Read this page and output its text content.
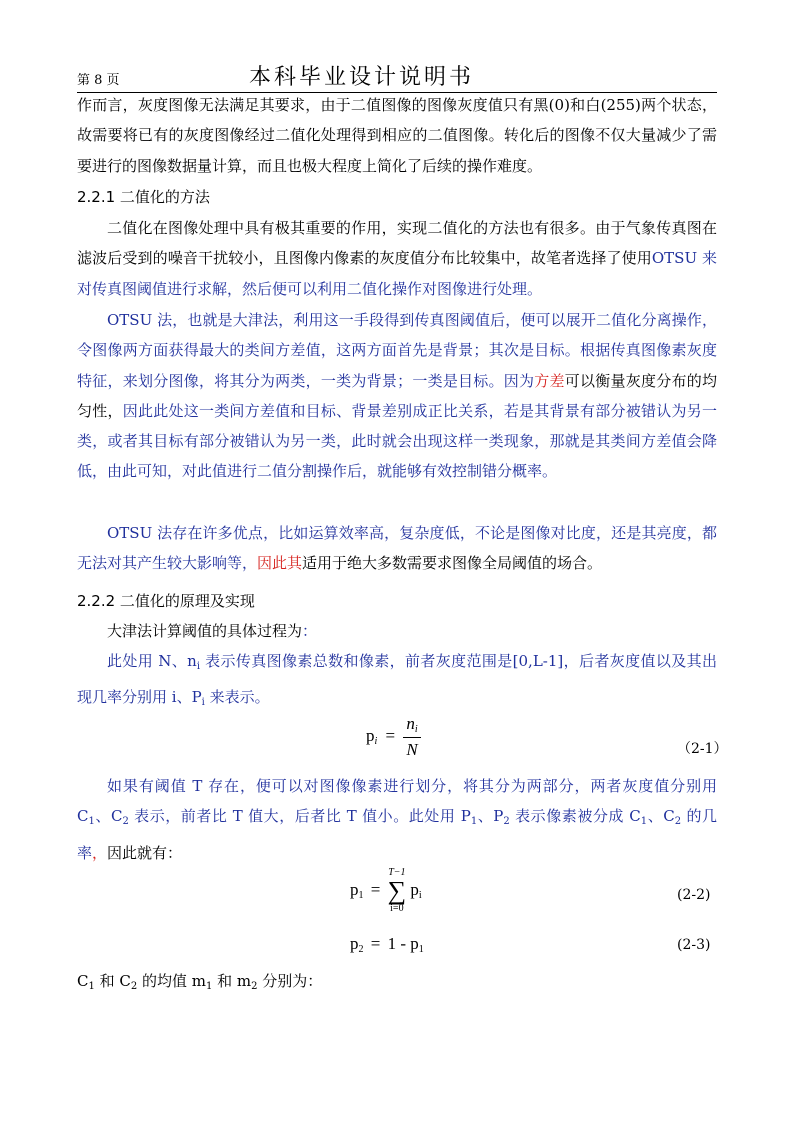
第 8 页	本科毕业设计说明书

作而言，灰度图像无法满足其要求，由于二值图像的图像灰度值只有黑(0)和白(255)两个状态，故需要将已有的灰度图像经过二值化处理得到相应的二值图像。转化后的图像不仅大量减少了需要进行的图像数据量计算，而且也极大程度上简化了后续的操作难度。

2.2.1 二值化的方法

二值化在图像处理中具有极其重要的作用，实现二值化的方法也有很多。由于气象传真图在滤波后受到的噪音干扰较小，且图像内像素的灰度值分布比较集中，故笔者选择了使用OTSU 来对传真图阈值进行求解，然后便可以利用二值化操作对图像进行处理。

OTSU 法，也就是大津法，利用这一手段得到传真图阈值后，便可以展开二值化分离操作，令图像两方面获得最大的类间方差值，这两方面首先是背景；其次是目标。根据传真图像素灰度特征，来划分图像，将其分为两类，一类为背景；一类是目标。因为方差可以衡量灰度分布的均匀性，因此此处这一类间方差值和目标、背景差别成正比关系，若是其背景有部分被错认为另一类，或者其目标有部分被错认为另一类，此时就会出现这样一类现象，那就是其类间方差值会降低，由此可知，对此值进行二值分割操作后，就能够有效控制错分概率。

OTSU 法存在许多优点，比如运算效率高，复杂度低，不论是图像对比度，还是其亮度，都无法对其产生较大影响等，因此其适用于绝大多数需要求图像全局阈值的场合。

2.2.2 二值化的原理及实现

大津法计算阈值的具体过程为：

此处用 N、$n_i$ 表示传真图像素总数和像素，前者灰度范围是[0,L-1]，后者灰度值以及其出现几率分别用 i、$P_i$ 来表示。

$p_i = \frac{n_i}{N}$	（2-1）

如果有阈值 T 存在，便可以对图像像素进行划分，将其分为两部分，两者灰度值分别用 $C_1$、$C_2$ 表示，前者比 T 值大，后者比 T 值小。此处用 $P_1$、$P_2$ 表示像素被分成 $C_1$、$C_2$ 的几率，因此就有：

$p_1$ =
T−1
∑
i=0
$p_i$	(2-2)
$p_2 = 1 - p_1$	(2-3)

$C_1$ 和 $C_2$ 的均值 $m_1$ 和 $m_2$ 分别为：
